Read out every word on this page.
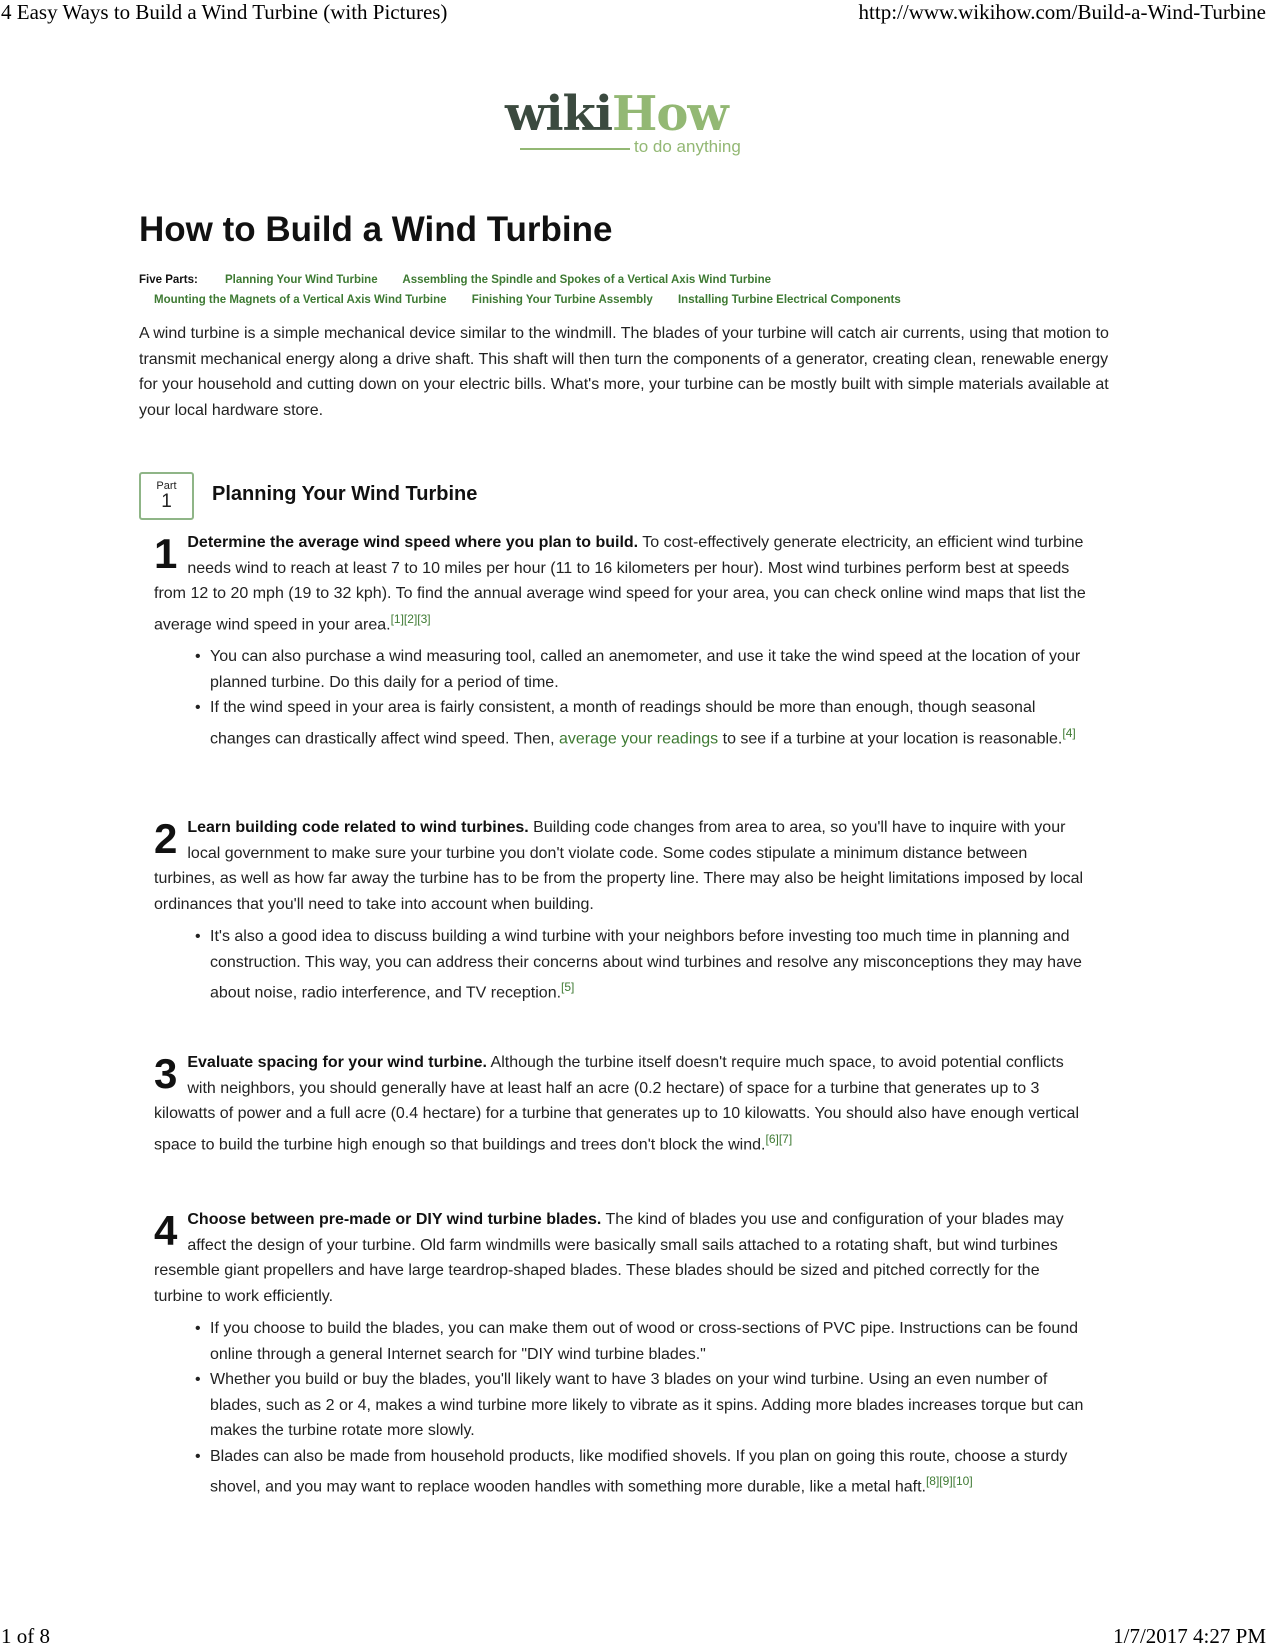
4 Easy Ways to Build a Wind Turbine (with Pictures)	http://www.wikihow.com/Build-a-Wind-Turbine
wikiHow
to do anything
How to Build a Wind Turbine
Five Parts: Planning Your Wind Turbine Assembling the Spindle and Spokes of a Vertical Axis Wind Turbine
Mounting the Magnets of a Vertical Axis Wind Turbine Finishing Your Turbine Assembly Installing Turbine Electrical Components

A wind turbine is a simple mechanical device similar to the windmill. The blades of your turbine will catch air currents, using that motion to transmit mechanical energy along a drive shaft. This shaft will then turn the components of a generator, creating clean, renewable energy for your household and cutting down on your electric bills. What's more, your turbine can be mostly built with simple materials available at your local hardware store.

Part
1	Planning Your Wind Turbine
1 Determine the average wind speed where you plan to build. To cost-effectively generate electricity, an efficient wind turbine needs wind to reach at least 7 to 10 miles per hour (11 to 16 kilometers per hour). Most wind turbines perform best at speeds from 12 to 20 mph (19 to 32 kph). To find the annual average wind speed for your area, you can check online wind maps that list the average wind speed in your area.[1][2][3]
• You can also purchase a wind measuring tool, called an anemometer, and use it take the wind speed at the location of your planned turbine. Do this daily for a period of time.
• If the wind speed in your area is fairly consistent, a month of readings should be more than enough, though seasonal changes can drastically affect wind speed. Then, average your readings to see if a turbine at your location is reasonable.[4]
2 Learn building code related to wind turbines. Building code changes from area to area, so you'll have to inquire with your local government to make sure your turbine you don't violate code. Some codes stipulate a minimum distance between turbines, as well as how far away the turbine has to be from the property line. There may also be height limitations imposed by local ordinances that you'll need to take into account when building.
• It's also a good idea to discuss building a wind turbine with your neighbors before investing too much time in planning and construction. This way, you can address their concerns about wind turbines and resolve any misconceptions they may have about noise, radio interference, and TV reception.[5]
3 Evaluate spacing for your wind turbine. Although the turbine itself doesn't require much space, to avoid potential conflicts with neighbors, you should generally have at least half an acre (0.2 hectare) of space for a turbine that generates up to 3 kilowatts of power and a full acre (0.4 hectare) for a turbine that generates up to 10 kilowatts. You should also have enough vertical space to build the turbine high enough so that buildings and trees don't block the wind.[6][7]
4 Choose between pre-made or DIY wind turbine blades. The kind of blades you use and configuration of your blades may affect the design of your turbine. Old farm windmills were basically small sails attached to a rotating shaft, but wind turbines resemble giant propellers and have large teardrop-shaped blades. These blades should be sized and pitched correctly for the turbine to work efficiently.
• If you choose to build the blades, you can make them out of wood or cross-sections of PVC pipe. Instructions can be found online through a general Internet search for "DIY wind turbine blades."
• Whether you build or buy the blades, you'll likely want to have 3 blades on your wind turbine. Using an even number of blades, such as 2 or 4, makes a wind turbine more likely to vibrate as it spins. Adding more blades increases torque but can makes the turbine rotate more slowly.
• Blades can also be made from household products, like modified shovels. If you plan on going this route, choose a sturdy shovel, and you may want to replace wooden handles with something more durable, like a metal haft.[8][9][10]
1 of 8	1/7/2017 4:27 PM
